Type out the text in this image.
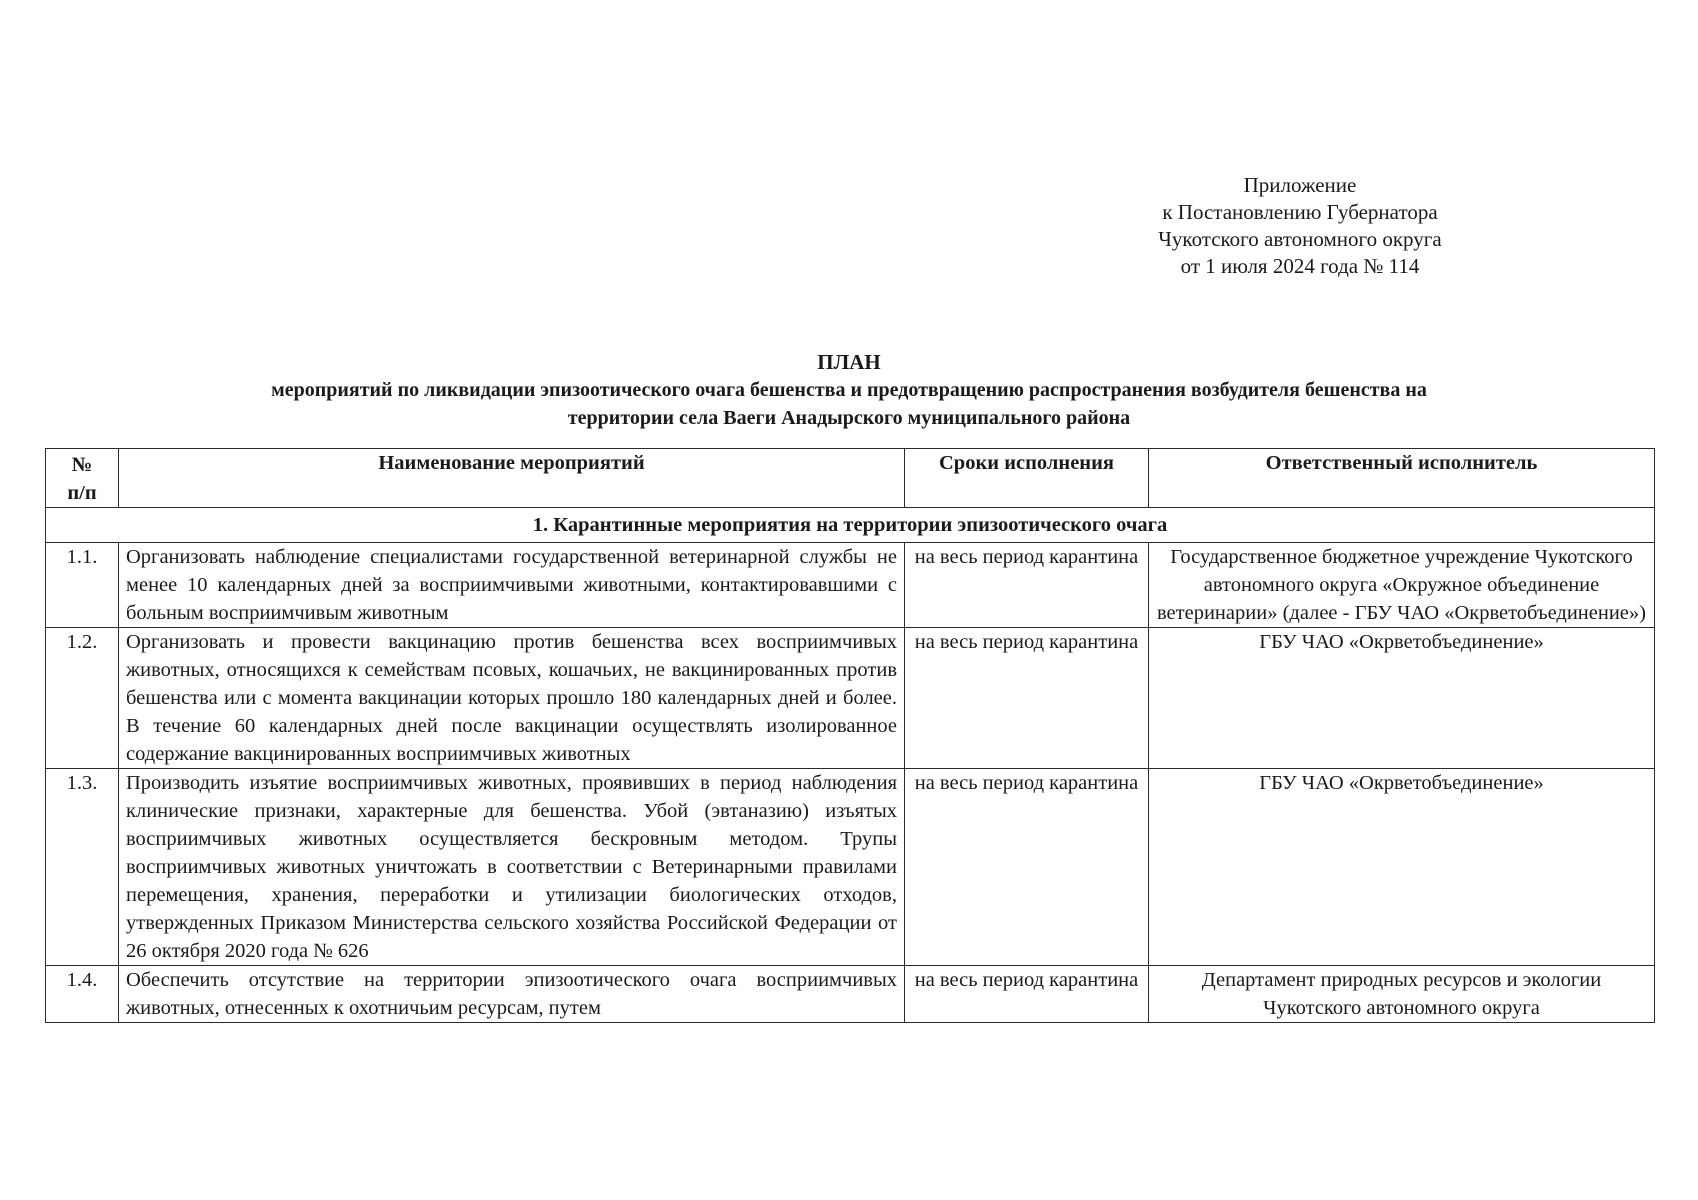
Приложение
к Постановлению Губернатора
Чукотского автономного округа
от 1 июля 2024 года № 114
ПЛАН
мероприятий по ликвидации эпизоотического очага бешенства и предотвращению распространения возбудителя бешенства на
территории села Ваеги Анадырского муниципального района
№
п/п	Наименование мероприятий	Сроки исполнения	Ответственный исполнитель
1. Карантинные мероприятия на территории эпизоотического очага			
1.1.	Организовать наблюдение специалистами государственной ветеринарной службы не менее 10 календарных дней за восприимчивыми животными, контактировавшими с больным восприимчивым животным	на весь период карантина	Государственное бюджетное учреждение Чукотского автономного округа «Окружное объединение ветеринарии» (далее - ГБУ ЧАО «Окрветобъединение»)
1.2.	Организовать и провести вакцинацию против бешенства всех восприимчивых животных, относящихся к семействам псовых, кошачьих, не вакцинированных против бешенства или с момента вакцинации которых прошло 180 календарных дней и более. В течение 60 календарных дней после вакцинации осуществлять изолированное содержание вакцинированных восприимчивых животных	на весь период карантина	ГБУ ЧАО «Окрветобъединение»
1.3.	Производить изъятие восприимчивых животных, проявивших в период наблюдения клинические признаки, характерные для бешенства. Убой (эвтаназию) изъятых восприимчивых животных осуществляется бескровным методом. Трупы восприимчивых животных уничтожать в соответствии с Ветеринарными правилами перемещения, хранения, переработки и утилизации биологических отходов, утвержденных Приказом Министерства сельского хозяйства Российской Федерации от 26 октября 2020 года № 626	на весь период карантина	ГБУ ЧАО «Окрветобъединение»
1.4.	Обеспечить отсутствие на территории эпизоотического очага восприимчивых животных, отнесенных к охотничьим ресурсам, путем	на весь период карантина	Департамент природных ресурсов и экологии Чукотского автономного округа
